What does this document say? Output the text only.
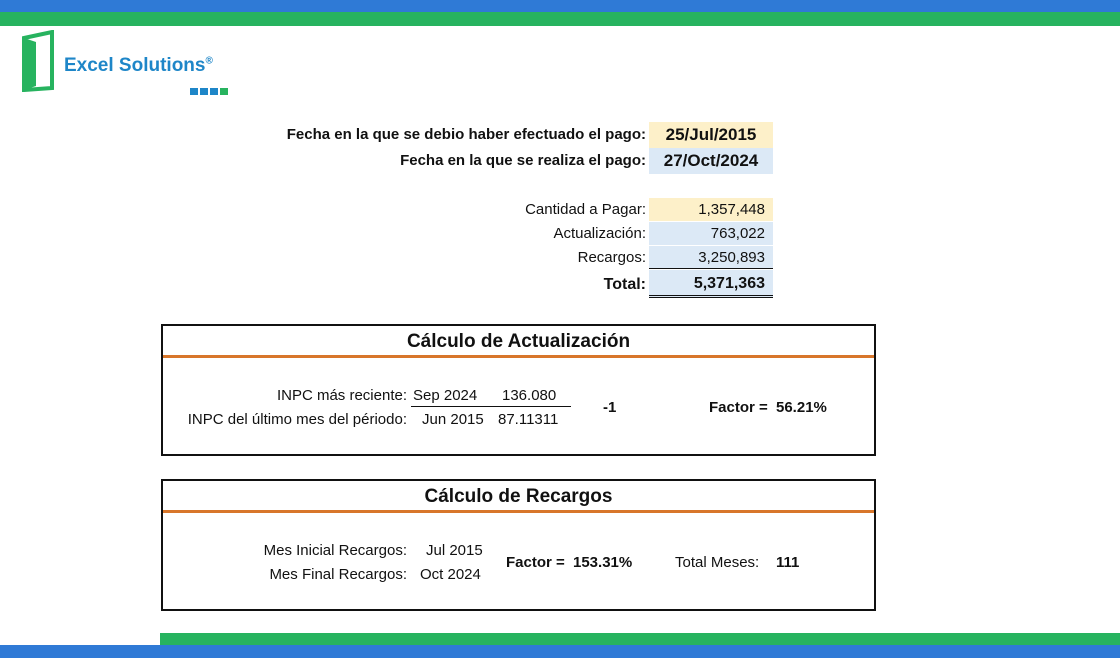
Excel Solutions®
Fecha en la que se debio haber efectuado el pago:	25/Jul/2015
Fecha en la que se realiza el pago:	27/Oct/2024
Cantidad a Pagar:	1,357,448
Actualización:	763,022
Recargos:	3,250,893
Total:	5,371,363
Cálculo de Actualización
INPC más reciente: Sep 2024 136.080
INPC del último mes del périodo: Jun 2015 87.11311
-1	Factor = 56.21%
Cálculo de Recargos
Mes Inicial Recargos: Jul 2015
Mes Final Recargos: Oct 2024
Factor = 153.31%	Total Meses: 111
